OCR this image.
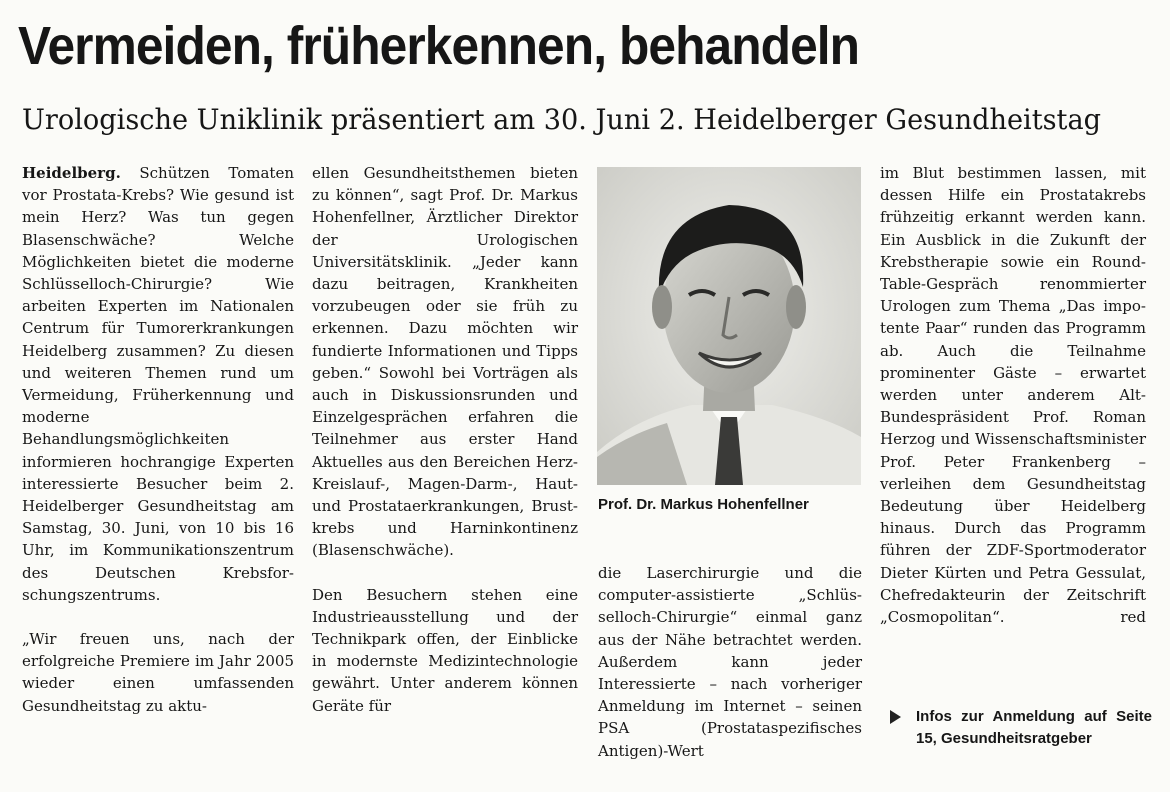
Vermeiden, früherkennen, behandeln
Urologische Uniklinik präsentiert am 30. Juni 2. Heidelberger Gesundheitstag

Heidelberg. Schützen Tomaten vor Prostata-Krebs? Wie gesund ist mein Herz? Was tun gegen Blasenschwäche? Welche Möglichkeiten bietet die moderne Schlüsselloch-Chirurgie? Wie arbeiten Experten im Nationalen Centrum für Tumorerkrankungen Heidelberg zusammen? Zu diesen und weiteren Themen rund um Vermeidung, Früherkennung und moderne Behandlungsmöglichkeiten informieren hochrangige Experten interessierte Besucher beim 2. Heidelberger Gesundheitstag am Samstag, 30. Juni, von 10 bis 16 Uhr, im Kommunikationszentrum des Deutschen Krebsforschungszentrums.

„Wir freuen uns, nach der erfolgreiche Premiere im Jahr 2005 wieder einen umfassenden Gesundheitstag zu aktu-

ellen Gesundheitsthemen bieten zu können“, sagt Prof. Dr. Markus Hohenfellner, Ärztlicher Direktor der Urologischen Universitätsklinik. „Jeder kann dazu beitragen, Krankheiten vorzubeugen oder sie früh zu erkennen. Dazu möchten wir fundierte Informationen und Tipps geben.“ Sowohl bei Vorträgen als auch in Diskussionsrunden und Einzelgesprächen erfahren die Teilnehmer aus erster Hand Aktuelles aus den Bereichen Herz-Kreislauf-, Magen-Darm-, Haut- und Prostataerkrankungen, Brustkrebs und Harninkontinenz (Blasenschwäche).

Den Besuchern stehen eine Industrieausstellung und der Technikpark offen, der Einblicke in modernste Medizintechnologie gewährt. Unter anderem können Geräte für

Prof. Dr. Markus Hohenfellner

die Laserchirurgie und die computer-assistierte „Schlüsselloch-Chirurgie“ einmal ganz aus der Nähe betrachtet werden. Außerdem kann jeder Interessierte – nach vorheriger Anmeldung im Internet – seinen PSA (Prostataspezifisches Antigen)-Wert

im Blut bestimmen lassen, mit dessen Hilfe ein Prostatakrebs frühzeitig erkannt werden kann. Ein Ausblick in die Zukunft der Krebstherapie sowie ein Round-Table-Gespräch renommierter Urologen zum Thema „Das impotente Paar“ runden das Programm ab. Auch die Teilnahme prominenter Gäste – erwartet werden unter anderem Alt-Bundespräsident Prof. Roman Herzog und Wissenschaftsminister Prof. Peter Frankenberg – verleihen dem Gesundheitstag Bedeutung über Heidelberg hinaus. Durch das Programm führen der ZDF-Sportmoderator Dieter Kürten und Petra Gessulat, Chefredakteurin der Zeitschrift „Cosmopolitan“.	red

Infos zur Anmeldung auf Seite 15, Gesundheitsratgeber
